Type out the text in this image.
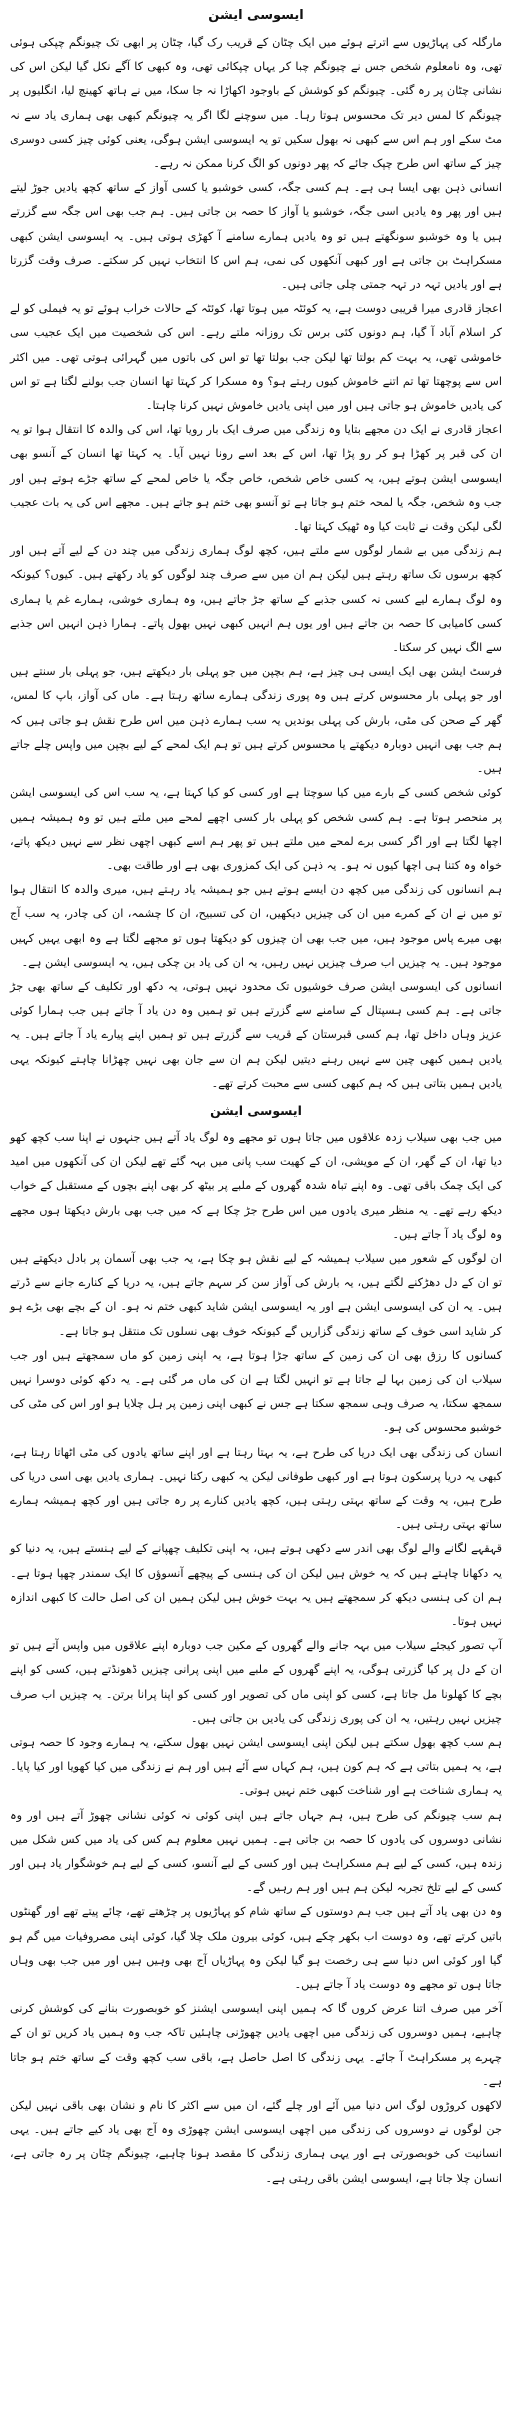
ایسوسی ایشن

مارگلہ کی پہاڑیوں سے اترتے ہوئے میں ایک چٹان کے قریب رک گیا، چٹان پر ابھی تک چیونگم چپکی ہوئی تھی، وہ نامعلوم شخص جس نے چیونگم چبا کر یہاں چپکائی تھی، وہ کبھی کا آگے نکل گیا لیکن اس کی نشانی چٹان پر رہ گئی۔ چیونگم کو کوشش کے باوجود اکھاڑا نہ جا سکا، میں نے ہاتھ کھینچ لیا، انگلیوں پر چیونگم کا لمس دیر تک محسوس ہوتا رہا۔ میں سوچنے لگا اگر یہ چیونگم کبھی بھی ہماری یاد سے نہ مٹ سکے اور ہم اس سے کبھی نہ بھول سکیں تو یہ ایسوسی ایشن ہوگی، یعنی کوئی چیز کسی دوسری چیز کے ساتھ اس طرح چپک جائے کہ پھر دونوں کو الگ کرنا ممکن نہ رہے۔

انسانی ذہن بھی ایسا ہی ہے۔ ہم کسی جگہ، کسی خوشبو یا کسی آواز کے ساتھ کچھ یادیں جوڑ لیتے ہیں اور پھر وہ یادیں اسی جگہ، خوشبو یا آواز کا حصہ بن جاتی ہیں۔ ہم جب بھی اس جگہ سے گزرتے ہیں یا وہ خوشبو سونگھتے ہیں تو وہ یادیں ہمارے سامنے آ کھڑی ہوتی ہیں۔ یہ ایسوسی ایشن کبھی مسکراہٹ بن جاتی ہے اور کبھی آنکھوں کی نمی، ہم اس کا انتخاب نہیں کر سکتے۔ صرف وقت گزرتا ہے اور یادیں تہہ در تہہ جمتی چلی جاتی ہیں۔

اعجاز قادری میرا قریبی دوست ہے، یہ کوئٹہ میں ہوتا تھا، کوئٹہ کے حالات خراب ہوئے تو یہ فیملی کو لے کر اسلام آباد آ گیا، ہم دونوں کئی برس تک روزانہ ملتے رہے۔ اس کی شخصیت میں ایک عجیب سی خاموشی تھی، یہ بہت کم بولتا تھا لیکن جب بولتا تھا تو اس کی باتوں میں گہرائی ہوتی تھی۔ میں اکثر اس سے پوچھتا تھا تم اتنے خاموش کیوں رہتے ہو؟ وہ مسکرا کر کہتا تھا انسان جب بولنے لگتا ہے تو اس کی یادیں خاموش ہو جاتی ہیں اور میں اپنی یادیں خاموش نہیں کرنا چاہتا۔

اعجاز قادری نے ایک دن مجھے بتایا وہ زندگی میں صرف ایک بار رویا تھا، اس کی والدہ کا انتقال ہوا تو یہ ان کی قبر پر کھڑا ہو کر رو پڑا تھا، اس کے بعد اسے رونا نہیں آیا۔ یہ کہتا تھا انسان کے آنسو بھی ایسوسی ایشن ہوتے ہیں، یہ کسی خاص شخص، خاص جگہ یا خاص لمحے کے ساتھ جڑے ہوتے ہیں اور جب وہ شخص، جگہ یا لمحہ ختم ہو جاتا ہے تو آنسو بھی ختم ہو جاتے ہیں۔ مجھے اس کی یہ بات عجیب لگی لیکن وقت نے ثابت کیا وہ ٹھیک کہتا تھا۔

ہم زندگی میں بے شمار لوگوں سے ملتے ہیں، کچھ لوگ ہماری زندگی میں چند دن کے لیے آتے ہیں اور کچھ برسوں تک ساتھ رہتے ہیں لیکن ہم ان میں سے صرف چند لوگوں کو یاد رکھتے ہیں۔ کیوں؟ کیونکہ وہ لوگ ہمارے لیے کسی نہ کسی جذبے کے ساتھ جڑ جاتے ہیں، وہ ہماری خوشی، ہمارے غم یا ہماری کسی کامیابی کا حصہ بن جاتے ہیں اور یوں ہم انہیں کبھی نہیں بھول پاتے۔ ہمارا ذہن انہیں اس جذبے سے الگ نہیں کر سکتا۔

فرسٹ ایشن بھی ایک ایسی ہی چیز ہے، ہم بچپن میں جو پہلی بار دیکھتے ہیں، جو پہلی بار سنتے ہیں اور جو پہلی بار محسوس کرتے ہیں وہ پوری زندگی ہمارے ساتھ رہتا ہے۔ ماں کی آواز، باپ کا لمس، گھر کے صحن کی مٹی، بارش کی پہلی بوندیں یہ سب ہمارے ذہن میں اس طرح نقش ہو جاتی ہیں کہ ہم جب بھی انہیں دوبارہ دیکھتے یا محسوس کرتے ہیں تو ہم ایک لمحے کے لیے بچپن میں واپس چلے جاتے ہیں۔

کوئی شخص کسی کے بارے میں کیا سوچتا ہے اور کسی کو کیا کہتا ہے، یہ سب اس کی ایسوسی ایشن پر منحصر ہوتا ہے۔ ہم کسی شخص کو پہلی بار کسی اچھے لمحے میں ملتے ہیں تو وہ ہمیشہ ہمیں اچھا لگتا ہے اور اگر کسی برے لمحے میں ملتے ہیں تو پھر ہم اسے کبھی اچھی نظر سے نہیں دیکھ پاتے، خواہ وہ کتنا ہی اچھا کیوں نہ ہو۔ یہ ذہن کی ایک کمزوری بھی ہے اور طاقت بھی۔

ہم انسانوں کی زندگی میں کچھ دن ایسے ہوتے ہیں جو ہمیشہ یاد رہتے ہیں، میری والدہ کا انتقال ہوا تو میں نے ان کے کمرے میں ان کی چیزیں دیکھیں، ان کی تسبیح، ان کا چشمہ، ان کی چادر، یہ سب آج بھی میرے پاس موجود ہیں، میں جب بھی ان چیزوں کو دیکھتا ہوں تو مجھے لگتا ہے وہ ابھی یہیں کہیں موجود ہیں۔ یہ چیزیں اب صرف چیزیں نہیں رہیں، یہ ان کی یاد بن چکی ہیں، یہ ایسوسی ایشن ہے۔

انسانوں کی ایسوسی ایشن صرف خوشیوں تک محدود نہیں ہوتی، یہ دکھ اور تکلیف کے ساتھ بھی جڑ جاتی ہے۔ ہم کسی ہسپتال کے سامنے سے گزرتے ہیں تو ہمیں وہ دن یاد آ جاتے ہیں جب ہمارا کوئی عزیز وہاں داخل تھا، ہم کسی قبرستان کے قریب سے گزرتے ہیں تو ہمیں اپنے پیارے یاد آ جاتے ہیں۔ یہ یادیں ہمیں کبھی چین سے نہیں رہنے دیتیں لیکن ہم ان سے جان بھی نہیں چھڑانا چاہتے کیونکہ یہی یادیں ہمیں بتاتی ہیں کہ ہم کبھی کسی سے محبت کرتے تھے۔

ایسوسی ایشن

میں جب بھی سیلاب زدہ علاقوں میں جاتا ہوں تو مجھے وہ لوگ یاد آتے ہیں جنہوں نے اپنا سب کچھ کھو دیا تھا، ان کے گھر، ان کے مویشی، ان کے کھیت سب پانی میں بہہ گئے تھے لیکن ان کی آنکھوں میں امید کی ایک چمک باقی تھی۔ وہ اپنے تباہ شدہ گھروں کے ملبے پر بیٹھ کر بھی اپنے بچوں کے مستقبل کے خواب دیکھ رہے تھے۔ یہ منظر میری یادوں میں اس طرح جڑ چکا ہے کہ میں جب بھی بارش دیکھتا ہوں مجھے وہ لوگ یاد آ جاتے ہیں۔

ان لوگوں کے شعور میں سیلاب ہمیشہ کے لیے نقش ہو چکا ہے، یہ جب بھی آسمان پر بادل دیکھتے ہیں تو ان کے دل دھڑکنے لگتے ہیں، یہ بارش کی آواز سن کر سہم جاتے ہیں، یہ دریا کے کنارے جانے سے ڈرتے ہیں۔ یہ ان کی ایسوسی ایشن ہے اور یہ ایسوسی ایشن شاید کبھی ختم نہ ہو۔ ان کے بچے بھی بڑے ہو کر شاید اسی خوف کے ساتھ زندگی گزاریں گے کیونکہ خوف بھی نسلوں تک منتقل ہو جاتا ہے۔

کسانوں کا رزق بھی ان کی زمین کے ساتھ جڑا ہوتا ہے، یہ اپنی زمین کو ماں سمجھتے ہیں اور جب سیلاب ان کی زمین بہا لے جاتا ہے تو انہیں لگتا ہے ان کی ماں مر گئی ہے۔ یہ دکھ کوئی دوسرا نہیں سمجھ سکتا، یہ صرف وہی سمجھ سکتا ہے جس نے کبھی اپنی زمین پر ہل چلایا ہو اور اس کی مٹی کی خوشبو محسوس کی ہو۔

انسان کی زندگی بھی ایک دریا کی طرح ہے، یہ بہتا رہتا ہے اور اپنے ساتھ یادوں کی مٹی اٹھاتا رہتا ہے، کبھی یہ دریا پرسکون ہوتا ہے اور کبھی طوفانی لیکن یہ کبھی رکتا نہیں۔ ہماری یادیں بھی اسی دریا کی طرح ہیں، یہ وقت کے ساتھ بہتی رہتی ہیں، کچھ یادیں کنارے پر رہ جاتی ہیں اور کچھ ہمیشہ ہمارے ساتھ بہتی رہتی ہیں۔

قہقہے لگانے والے لوگ بھی اندر سے دکھی ہوتے ہیں، یہ اپنی تکلیف چھپانے کے لیے ہنستے ہیں، یہ دنیا کو یہ دکھانا چاہتے ہیں کہ یہ خوش ہیں لیکن ان کی ہنسی کے پیچھے آنسوؤں کا ایک سمندر چھپا ہوتا ہے۔ ہم ان کی ہنسی دیکھ کر سمجھتے ہیں یہ بہت خوش ہیں لیکن ہمیں ان کی اصل حالت کا کبھی اندازہ نہیں ہوتا۔

آپ تصور کیجئے سیلاب میں بہہ جانے والے گھروں کے مکین جب دوبارہ اپنے علاقوں میں واپس آتے ہیں تو ان کے دل پر کیا گزرتی ہوگی، یہ اپنے گھروں کے ملبے میں اپنی پرانی چیزیں ڈھونڈتے ہیں، کسی کو اپنے بچے کا کھلونا مل جاتا ہے، کسی کو اپنی ماں کی تصویر اور کسی کو اپنا پرانا برتن۔ یہ چیزیں اب صرف چیزیں نہیں رہتیں، یہ ان کی پوری زندگی کی یادیں بن جاتی ہیں۔

ہم سب کچھ بھول سکتے ہیں لیکن اپنی ایسوسی ایشن نہیں بھول سکتے، یہ ہمارے وجود کا حصہ ہوتی ہے، یہ ہمیں بتاتی ہے کہ ہم کون ہیں، ہم کہاں سے آئے ہیں اور ہم نے زندگی میں کیا کھویا اور کیا پایا۔ یہ ہماری شناخت ہے اور شناخت کبھی ختم نہیں ہوتی۔

ہم سب چیونگم کی طرح ہیں، ہم جہاں جاتے ہیں اپنی کوئی نہ کوئی نشانی چھوڑ آتے ہیں اور وہ نشانی دوسروں کی یادوں کا حصہ بن جاتی ہے۔ ہمیں نہیں معلوم ہم کس کی یاد میں کس شکل میں زندہ ہیں، کسی کے لیے ہم مسکراہٹ ہیں اور کسی کے لیے آنسو، کسی کے لیے ہم خوشگوار یاد ہیں اور کسی کے لیے تلخ تجربہ لیکن ہم ہیں اور ہم رہیں گے۔

وہ دن بھی یاد آتے ہیں جب ہم دوستوں کے ساتھ شام کو پہاڑیوں پر چڑھتے تھے، چائے پیتے تھے اور گھنٹوں باتیں کرتے تھے، وہ دوست اب بکھر چکے ہیں، کوئی بیرون ملک چلا گیا، کوئی اپنی مصروفیات میں گم ہو گیا اور کوئی اس دنیا سے ہی رخصت ہو گیا لیکن وہ پہاڑیاں آج بھی وہیں ہیں اور میں جب بھی وہاں جاتا ہوں تو مجھے وہ دوست یاد آ جاتے ہیں۔

آخر میں صرف اتنا عرض کروں گا کہ ہمیں اپنی ایسوسی ایشنز کو خوبصورت بنانے کی کوشش کرنی چاہیے، ہمیں دوسروں کی زندگی میں اچھی یادیں چھوڑنی چاہئیں تاکہ جب وہ ہمیں یاد کریں تو ان کے چہرے پر مسکراہٹ آ جائے۔ یہی زندگی کا اصل حاصل ہے، باقی سب کچھ وقت کے ساتھ ختم ہو جاتا ہے۔

لاکھوں کروڑوں لوگ اس دنیا میں آئے اور چلے گئے، ان میں سے اکثر کا نام و نشان بھی باقی نہیں لیکن جن لوگوں نے دوسروں کی زندگی میں اچھی ایسوسی ایشن چھوڑی وہ آج بھی یاد کیے جاتے ہیں۔ یہی انسانیت کی خوبصورتی ہے اور یہی ہماری زندگی کا مقصد ہونا چاہیے، چیونگم چٹان پر رہ جاتی ہے، انسان چلا جاتا ہے، ایسوسی ایشن باقی رہتی ہے۔
